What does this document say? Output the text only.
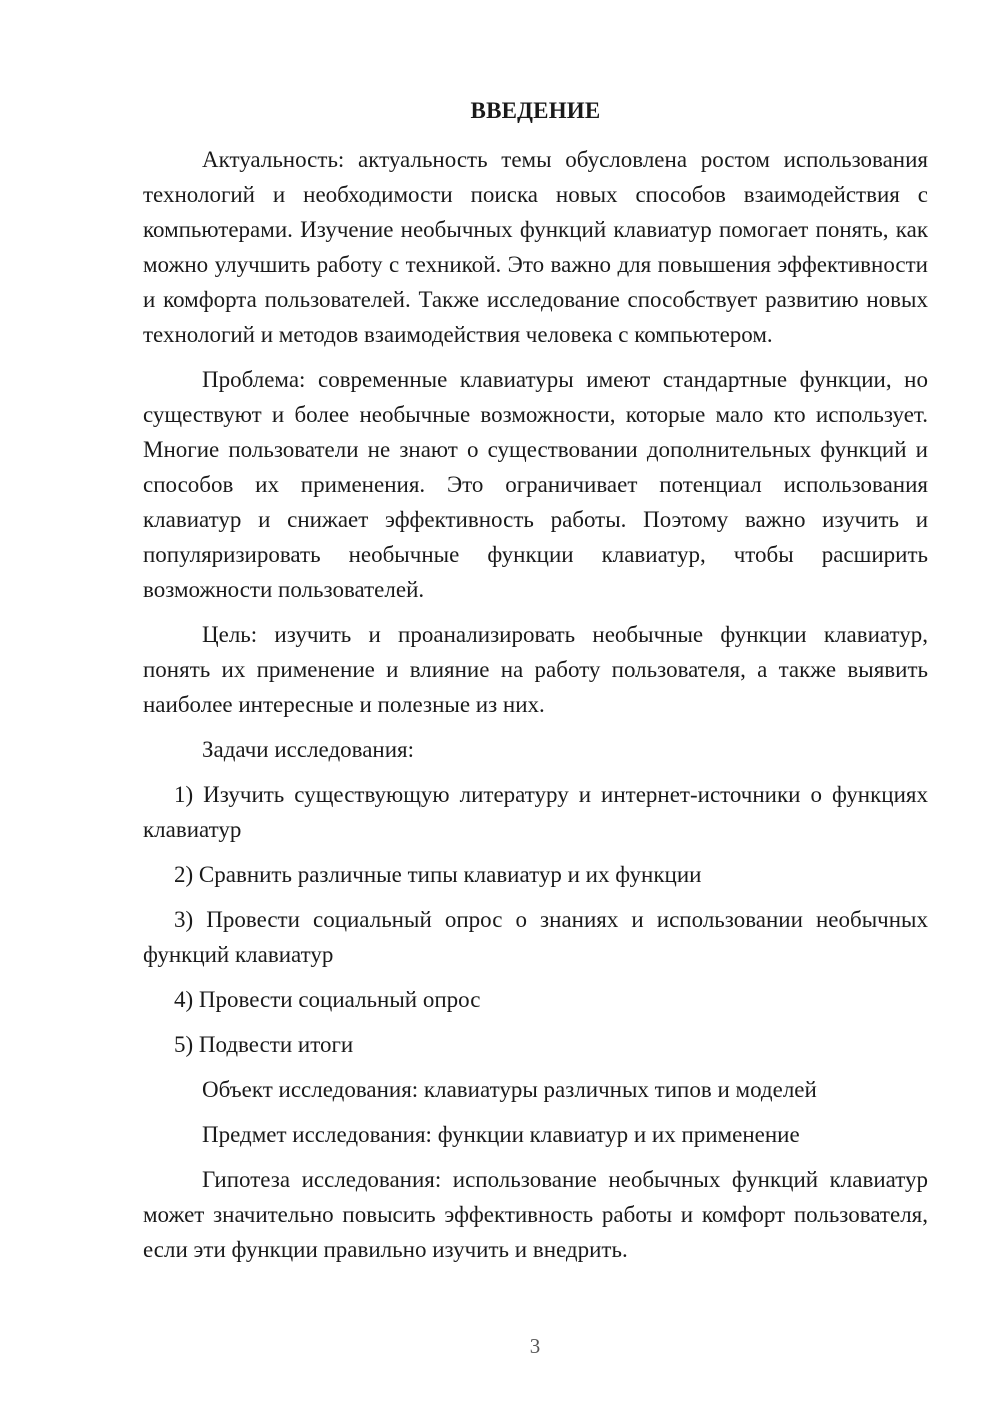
ВВЕДЕНИЕ

Актуальность: актуальность темы обусловлена ростом использования технологий и необходимости поиска новых способов взаимодействия с компьютерами. Изучение необычных функций клавиатур помогает понять, как можно улучшить работу с техникой. Это важно для повышения эффективности и комфорта пользователей. Также исследование способствует развитию новых технологий и методов взаимодействия человека с компьютером.

Проблема: современные клавиатуры имеют стандартные функции, но существуют и более необычные возможности, которые мало кто использует. Многие пользователи не знают о существовании дополнительных функций и способов их применения. Это ограничивает потенциал использования клавиатур и снижает эффективность работы. Поэтому важно изучить и популяризировать необычные функции клавиатур, чтобы расширить возможности пользователей.

Цель: изучить и проанализировать необычные функции клавиатур, понять их применение и влияние на работу пользователя, а также выявить наиболее интересные и полезные из них.

Задачи исследования:

1) Изучить существующую литературу и интернет-источники о функциях клавиатур

2) Сравнить различные типы клавиатур и их функции

3) Провести социальный опрос о знаниях и использовании необычных функций клавиатур

4) Провести социальный опрос

5) Подвести итоги

Объект исследования: клавиатуры различных типов и моделей

Предмет исследования: функции клавиатур и их применение

Гипотеза исследования: использование необычных функций клавиатур может значительно повысить эффективность работы и комфорт пользователя, если эти функции правильно изучить и внедрить.

3
